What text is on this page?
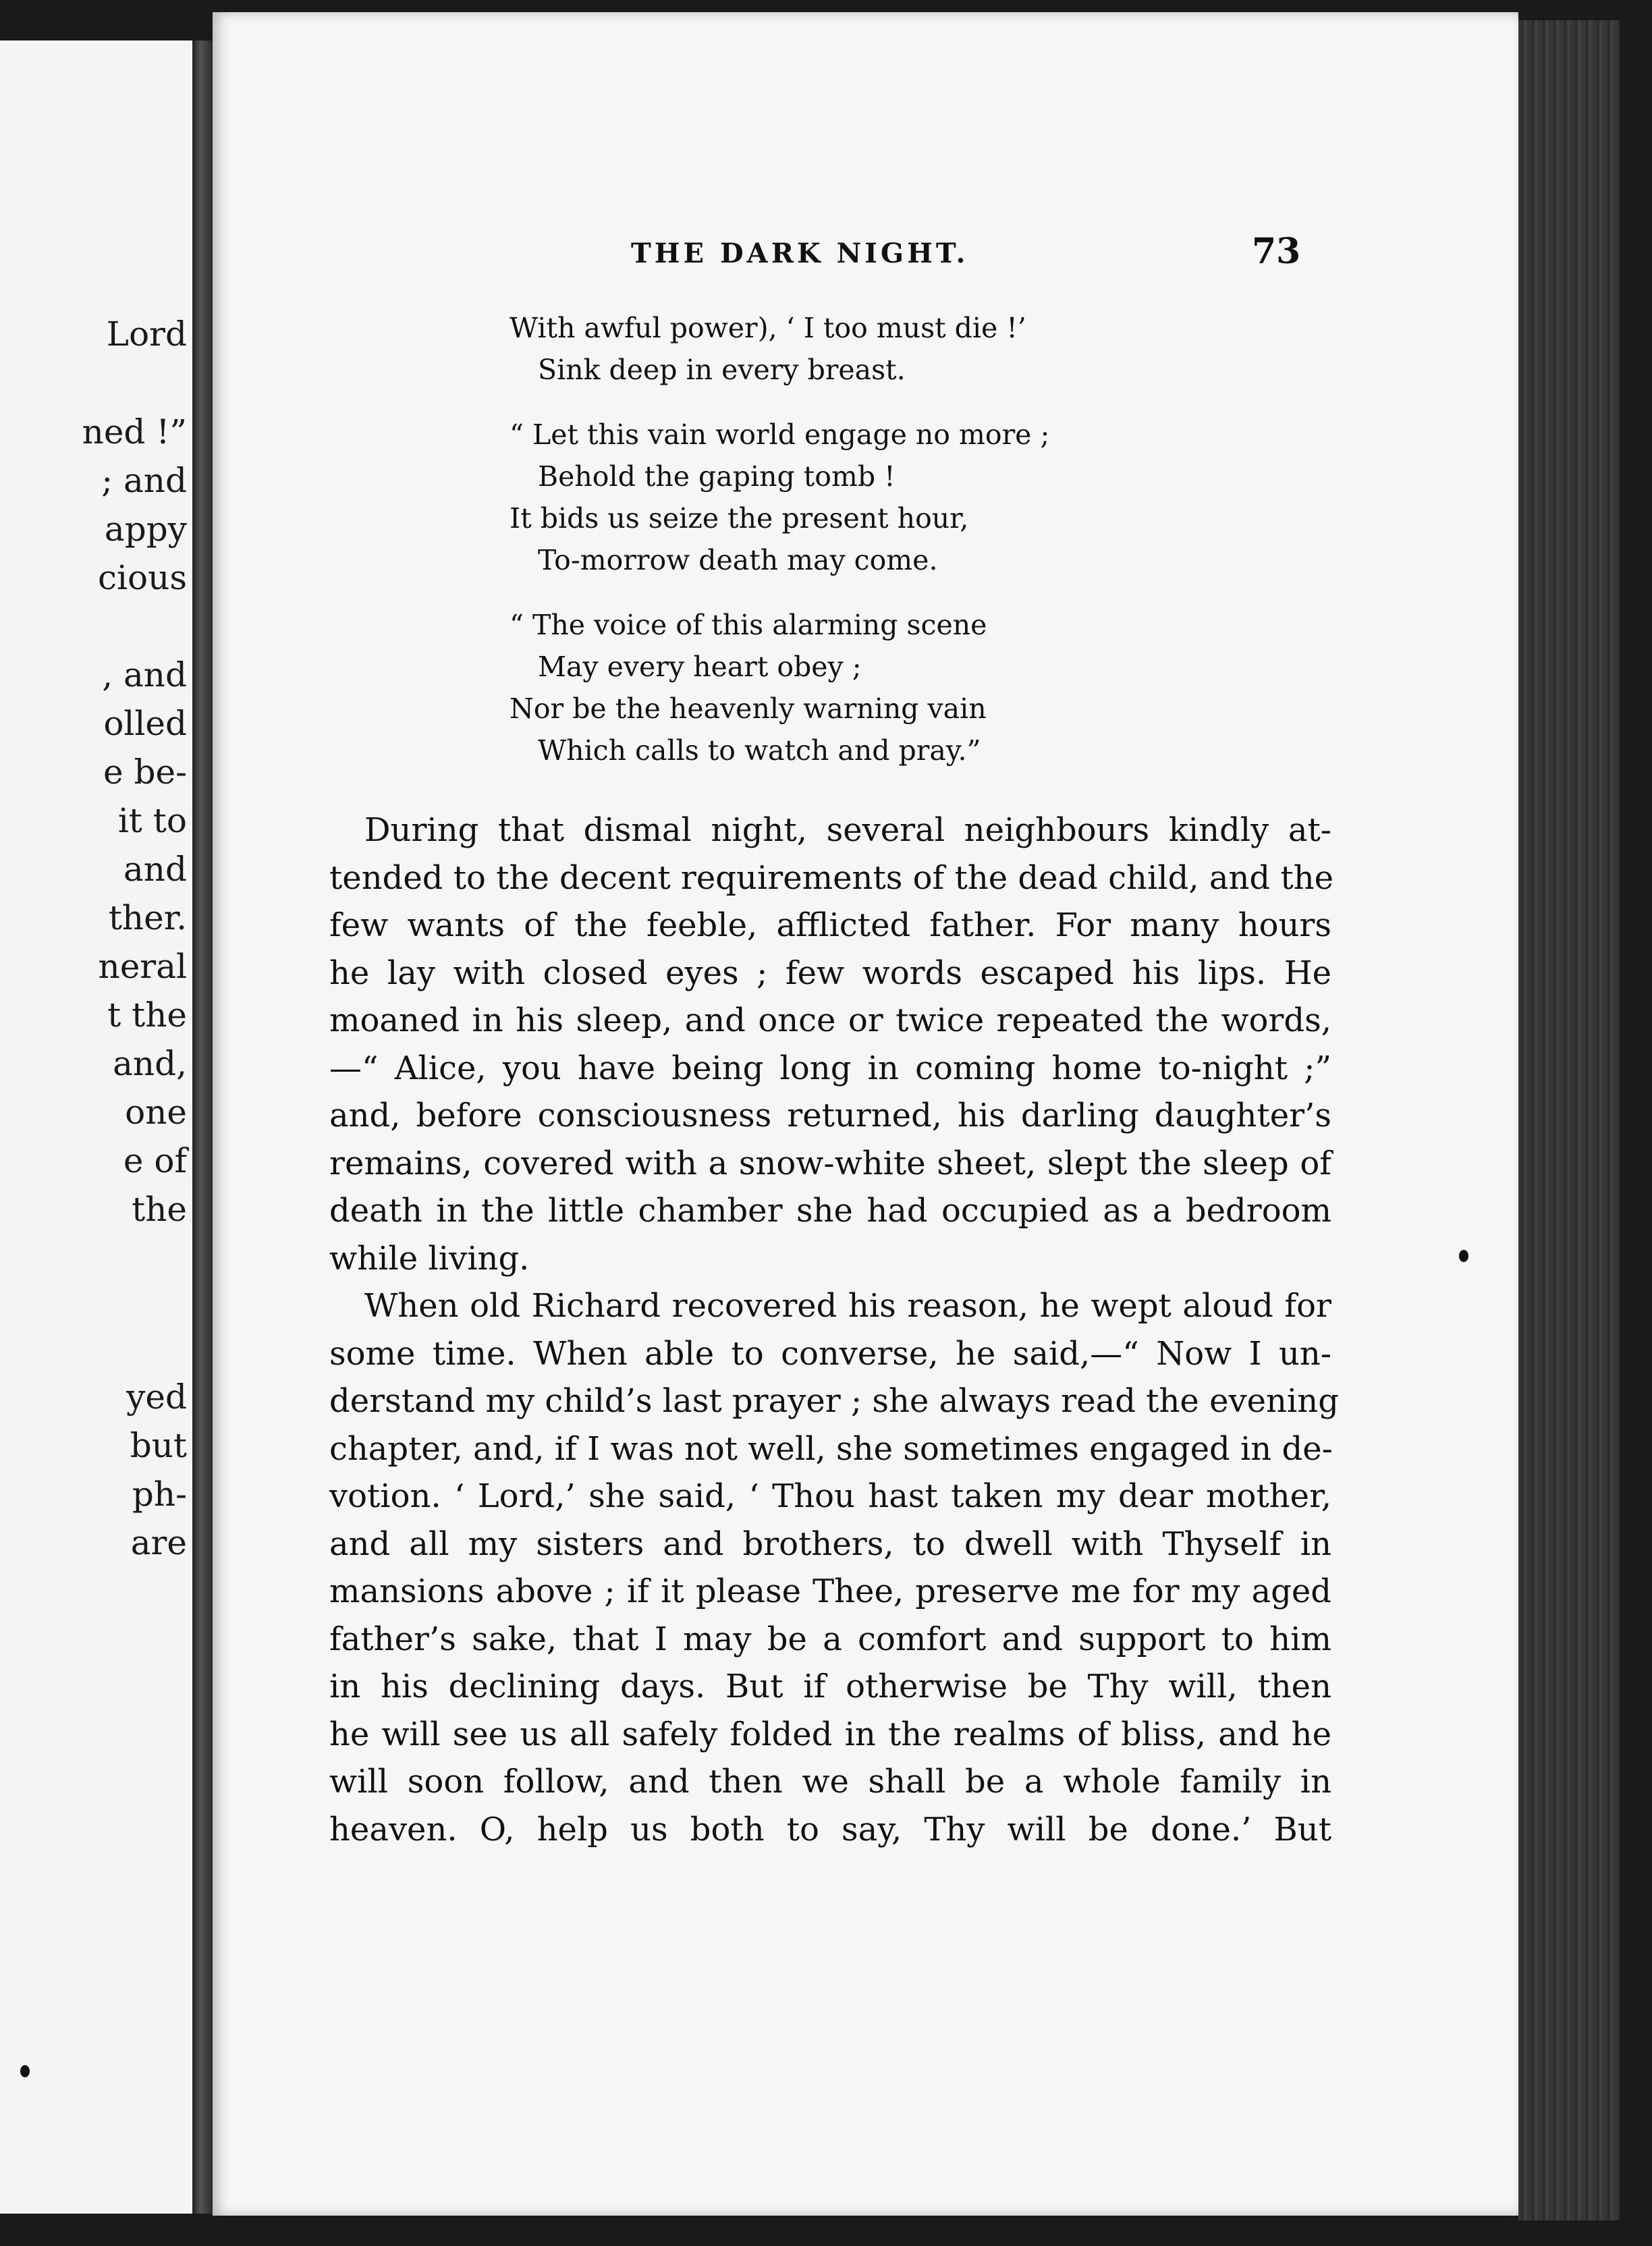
Lord
ned !”
; and
appy
cious
, and
olled
e be-
it to
and
ther.
neral
t the
and,
one
e of
the
yed
but
ph-
are
THE DARK NIGHT.	73
With awful power), ‘ I too must die !’
Sink deep in every breast.
“ Let this vain world engage no more ;
Behold the gaping tomb !
It bids us seize the present hour,
To-morrow death may come.
“ The voice of this alarming scene
May every heart obey ;
Nor be the heavenly warning vain
Which calls to watch and pray.”
During that dismal night, several neighbours kindly at-
tended to the decent requirements of the dead child, and the
few wants of the feeble, afflicted father. For many hours
he lay with closed eyes ; few words escaped his lips. He
moaned in his sleep, and once or twice repeated the words,
—“ Alice, you have being long in coming home to-night ;”
and, before consciousness returned, his darling daughter’s
remains, covered with a snow-white sheet, slept the sleep of
death in the little chamber she had occupied as a bedroom
while living.
When old Richard recovered his reason, he wept aloud for
some time. When able to converse, he said,—“ Now I un-
derstand my child’s last prayer ; she always read the evening
chapter, and, if I was not well, she sometimes engaged in de-
votion. ‘ Lord,’ she said, ‘ Thou hast taken my dear mother,
and all my sisters and brothers, to dwell with Thyself in
mansions above ; if it please Thee, preserve me for my aged
father’s sake, that I may be a comfort and support to him
in his declining days. But if otherwise be Thy will, then
he will see us all safely folded in the realms of bliss, and he
will soon follow, and then we shall be a whole family in
heaven. O, help us both to say, Thy will be done.’ But
